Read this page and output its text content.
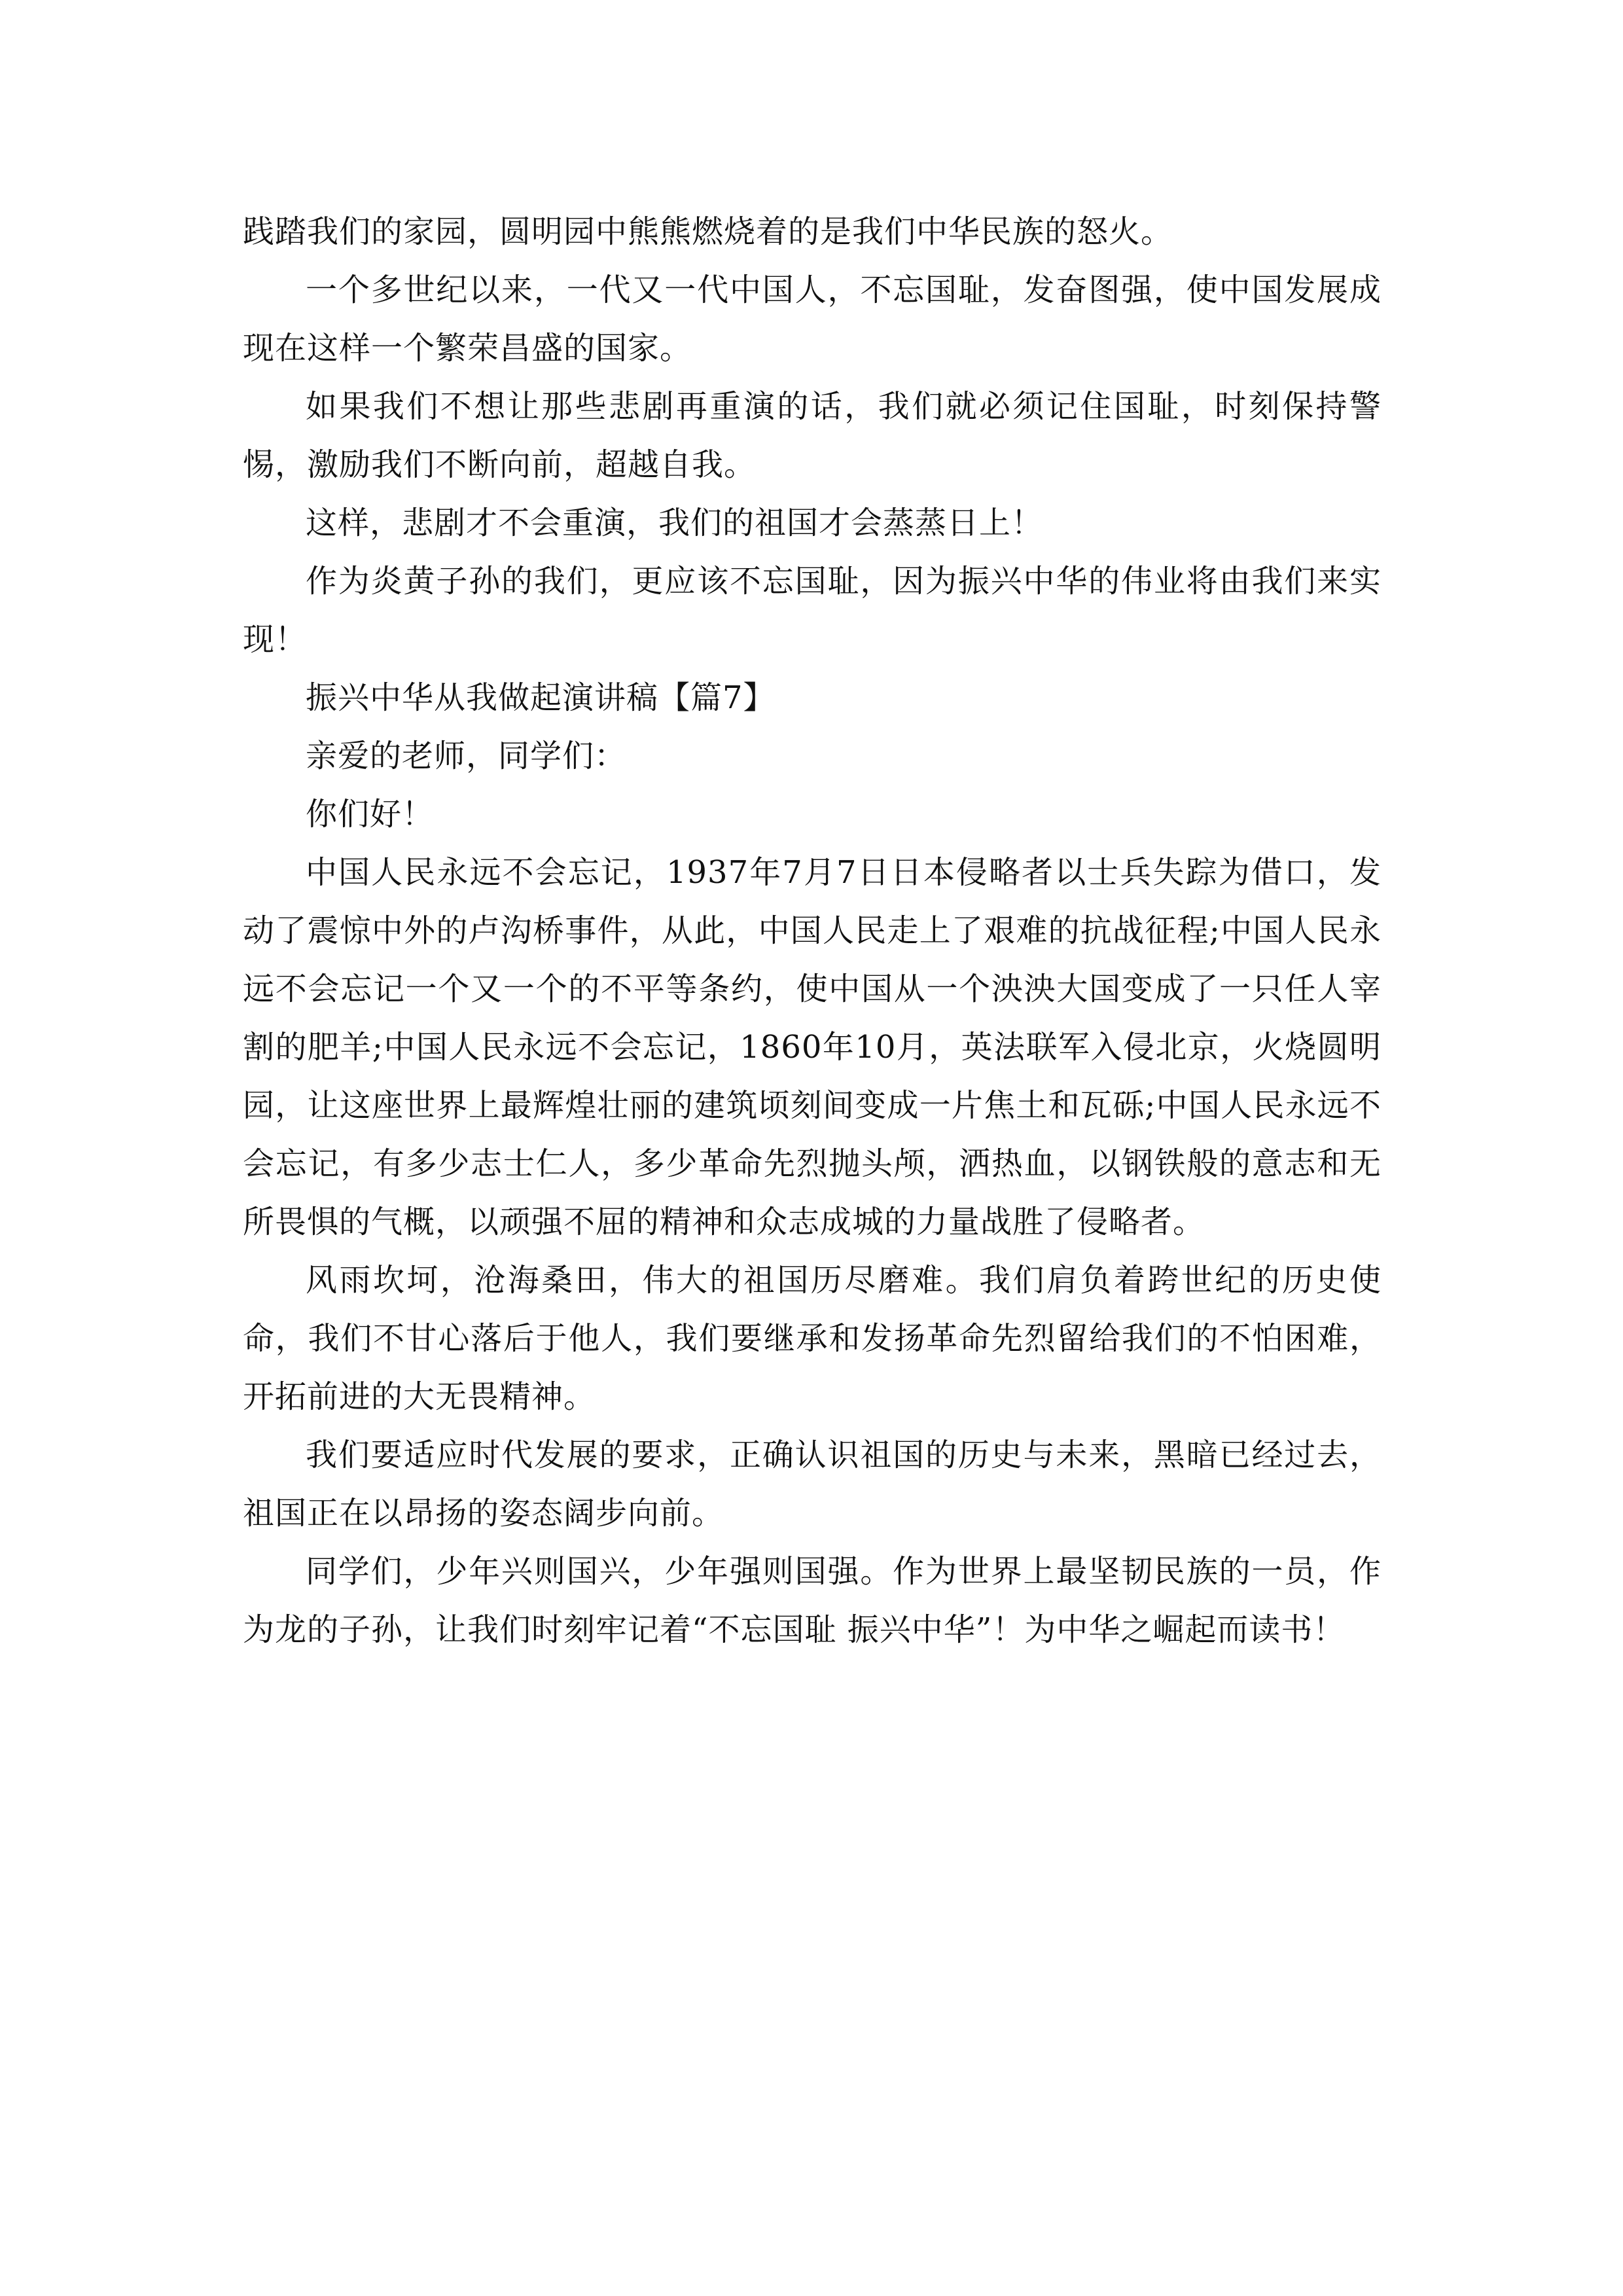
践踏我们的家园，圆明园中熊熊燃烧着的是我们中华民族的怒火。

一个多世纪以来，一代又一代中国人，不忘国耻，发奋图强，使中国发展成现在这样一个繁荣昌盛的国家。

如果我们不想让那些悲剧再重演的话，我们就必须记住国耻，时刻保持警惕，激励我们不断向前，超越自我。

这样，悲剧才不会重演，我们的祖国才会蒸蒸日上！

作为炎黄子孙的我们，更应该不忘国耻，因为振兴中华的伟业将由我们来实现！

振兴中华从我做起演讲稿【篇7】

亲爱的老师，同学们：

你们好！

中国人民永远不会忘记，1937年7月7日日本侵略者以士兵失踪为借口，发动了震惊中外的卢沟桥事件，从此，中国人民走上了艰难的抗战征程;中国人民永远不会忘记一个又一个的不平等条约，使中国从一个泱泱大国变成了一只任人宰割的肥羊;中国人民永远不会忘记，1860年10月，英法联军入侵北京，火烧圆明园，让这座世界上最辉煌壮丽的建筑顷刻间变成一片焦土和瓦砾;中国人民永远不会忘记，有多少志士仁人，多少革命先烈抛头颅，洒热血，以钢铁般的意志和无所畏惧的气概，以顽强不屈的精神和众志成城的力量战胜了侵略者。

风雨坎坷，沧海桑田，伟大的祖国历尽磨难。我们肩负着跨世纪的历史使命，我们不甘心落后于他人，我们要继承和发扬革命先烈留给我们的不怕困难，开拓前进的大无畏精神。

我们要适应时代发展的要求，正确认识祖国的历史与未来，黑暗已经过去，祖国正在以昂扬的姿态阔步向前。

同学们，少年兴则国兴，少年强则国强。作为世界上最坚韧民族的一员，作为龙的子孙，让我们时刻牢记着“不忘国耻 振兴中华”！为中华之崛起而读书！
